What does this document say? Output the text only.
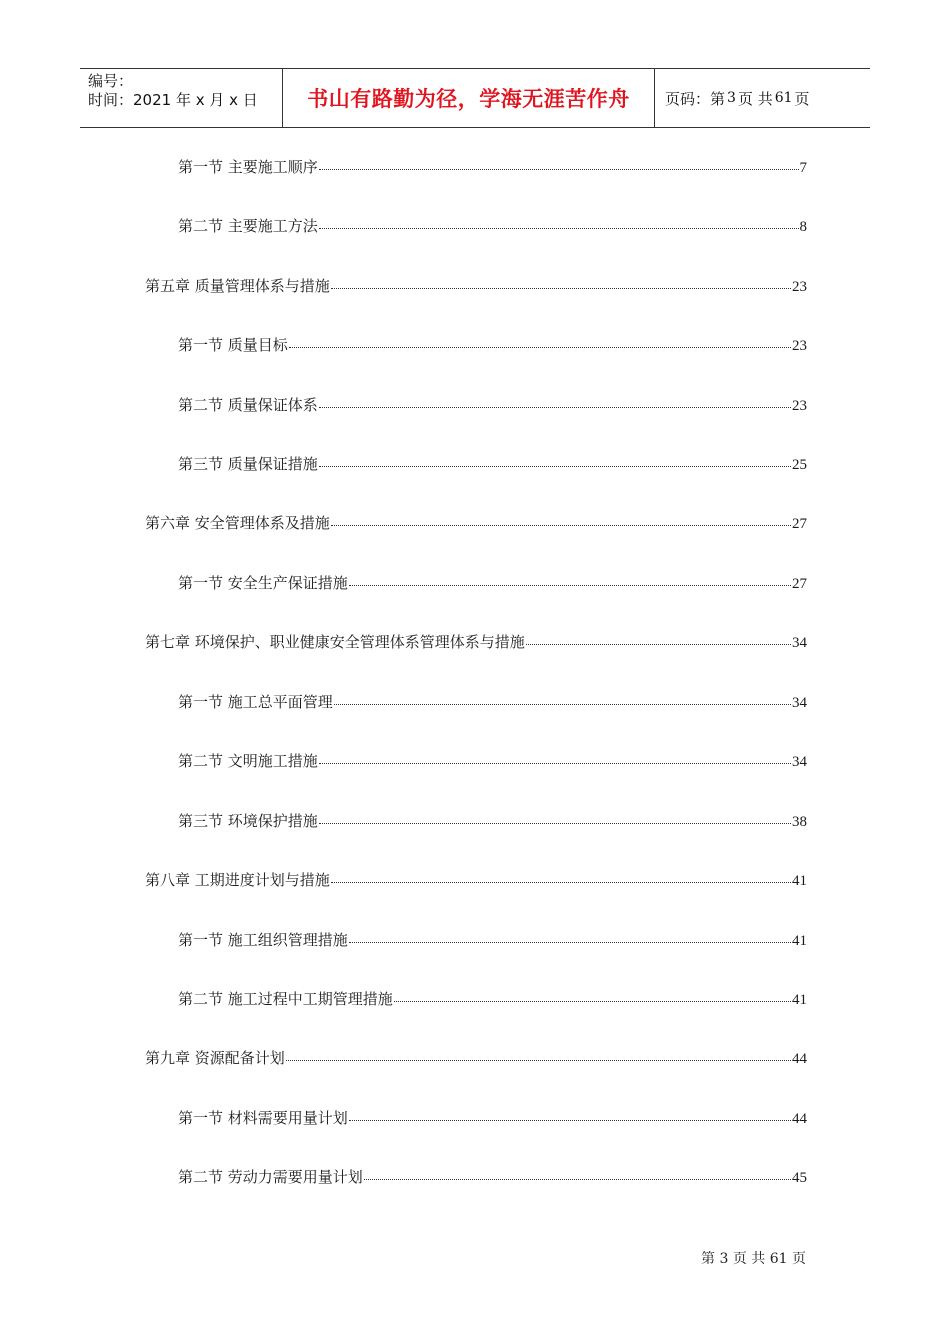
编号：
时间：2021 年 x 月 x 日	书山有路勤为径，学海无涯苦作舟	页码：第 3 页 共 61 页
第一节 主要施工顺序	7
第二节 主要施工方法	8
第五章 质量管理体系与措施	23
第一节 质量目标	23
第二节 质量保证体系	23
第三节 质量保证措施	25
第六章 安全管理体系及措施	27
第一节 安全生产保证措施	27
第七章 环境保护、职业健康安全管理体系管理体系与措施	34
第一节 施工总平面管理	34
第二节 文明施工措施	34
第三节 环境保护措施	38
第八章 工期进度计划与措施	41
第一节 施工组织管理措施	41
第二节 施工过程中工期管理措施	41
第九章 资源配备计划	44
第一节 材料需要用量计划	44
第二节 劳动力需要用量计划	45
第 3 页 共 61 页
